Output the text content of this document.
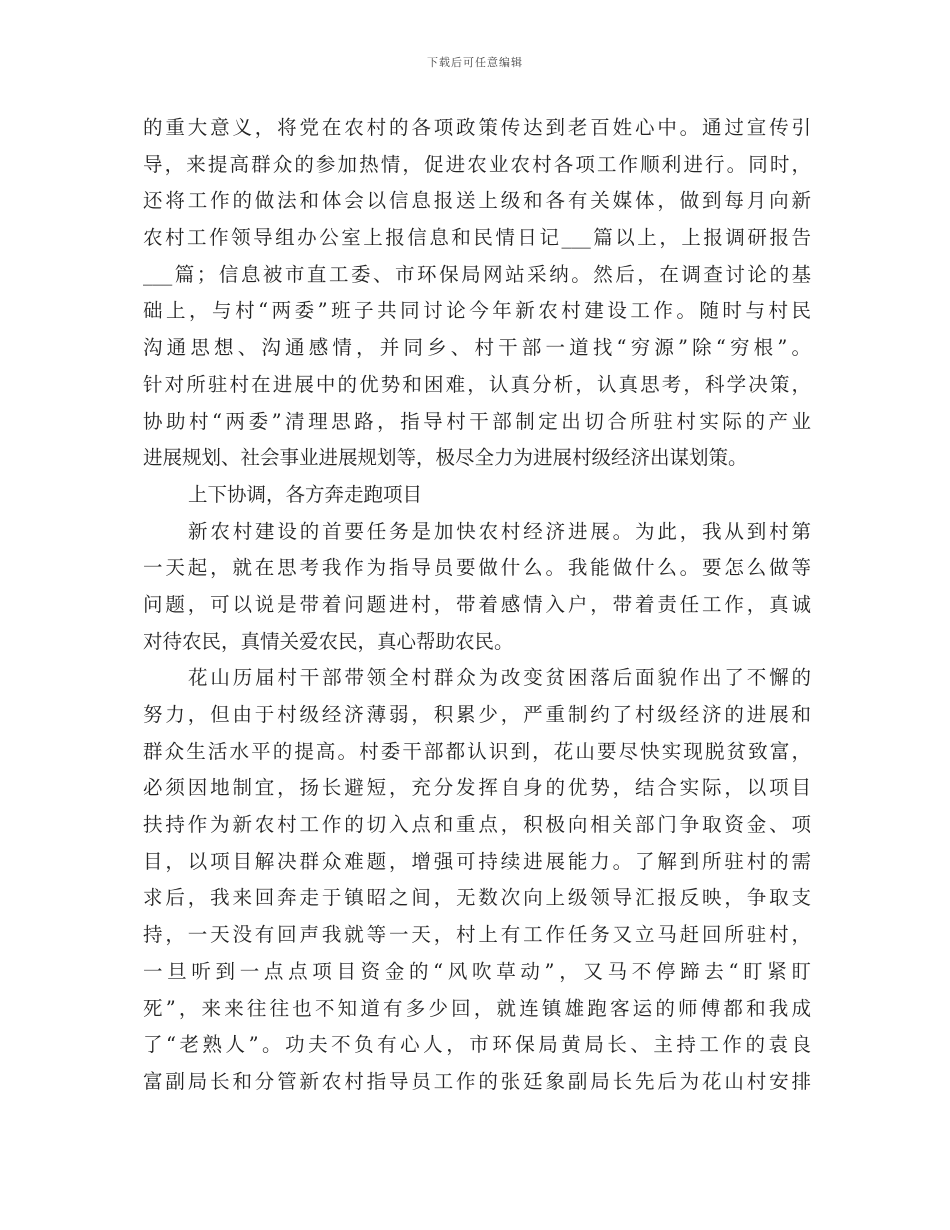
下载后可任意编辑
的重大意义，将党在农村的各项政策传达到老百姓心中。通过宣传引
导，来提高群众的参加热情，促进农业农村各项工作顺利进行。同时，
还将工作的做法和体会以信息报送上级和各有关媒体，做到每月向新
农村工作领导组办公室上报信息和民情日记___篇以上，上报调研报告
___篇；信息被市直工委、市环保局网站采纳。然后，在调查讨论的基
础上，与村“两委”班子共同讨论今年新农村建设工作。随时与村民
沟通思想、沟通感情，并同乡、村干部一道找“穷源”除“穷根”。
针对所驻村在进展中的优势和困难，认真分析，认真思考，科学决策，
协助村“两委”清理思路，指导村干部制定出切合所驻村实际的产业
进展规划、社会事业进展规划等，极尽全力为进展村级经济出谋划策。
上下协调，各方奔走跑项目
新农村建设的首要任务是加快农村经济进展。为此，我从到村第
一天起，就在思考我作为指导员要做什么。我能做什么。要怎么做等
问题，可以说是带着问题进村，带着感情入户，带着责任工作，真诚
对待农民，真情关爱农民，真心帮助农民。
花山历届村干部带领全村群众为改变贫困落后面貌作出了不懈的
努力，但由于村级经济薄弱，积累少，严重制约了村级经济的进展和
群众生活水平的提高。村委干部都认识到，花山要尽快实现脱贫致富，
必须因地制宜，扬长避短，充分发挥自身的优势，结合实际，以项目
扶持作为新农村工作的切入点和重点，积极向相关部门争取资金、项
目，以项目解决群众难题，增强可持续进展能力。了解到所驻村的需
求后，我来回奔走于镇昭之间，无数次向上级领导汇报反映，争取支
持，一天没有回声我就等一天，村上有工作任务又立马赶回所驻村，
一旦听到一点点项目资金的“风吹草动”，又马不停蹄去“盯紧盯
死”，来来往往也不知道有多少回，就连镇雄跑客运的师傅都和我成
了“老熟人”。功夫不负有心人，市环保局黄局长、主持工作的袁良
富副局长和分管新农村指导员工作的张廷象副局长先后为花山村安排
